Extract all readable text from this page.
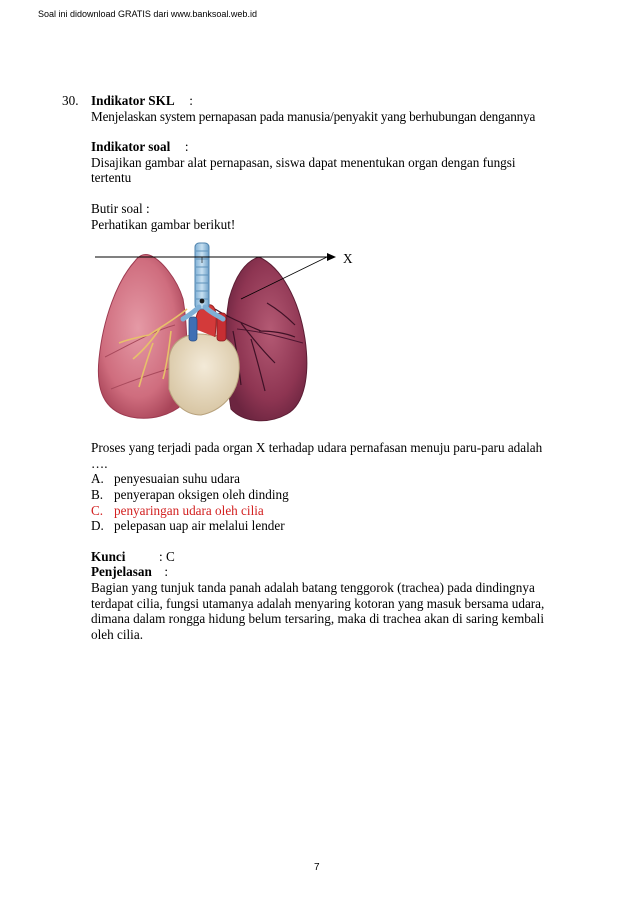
Soal ini didownload GRATIS dari www.banksoal.web.id
30. Indikator SKL :

Menjelaskan system pernapasan pada manusia/penyakit yang berhubungan dengannya

Indikator soal :

Disajikan gambar alat pernapasan, siswa dapat menentukan organ dengan fungsi tertentu

Butir soal :

Perhatikan gambar berikut!

X

Proses yang terjadi pada organ X terhadap udara pernafasan menuju paru-paru adalah ….

A. penyesuaian suhu udara
B. penyerapan oksigen oleh dinding
C. penyaringan udara oleh cilia
D. pelepasan uap air melalui lender
Kunci	: C

Penjelasan :

Bagian yang tunjuk tanda panah adalah batang tenggorok (trachea) pada dindingnya terdapat cilia, fungsi utamanya adalah menyaring kotoran yang masuk bersama udara, dimana dalam rongga hidung belum tersaring, maka di trachea akan di saring kembali oleh cilia.

7
